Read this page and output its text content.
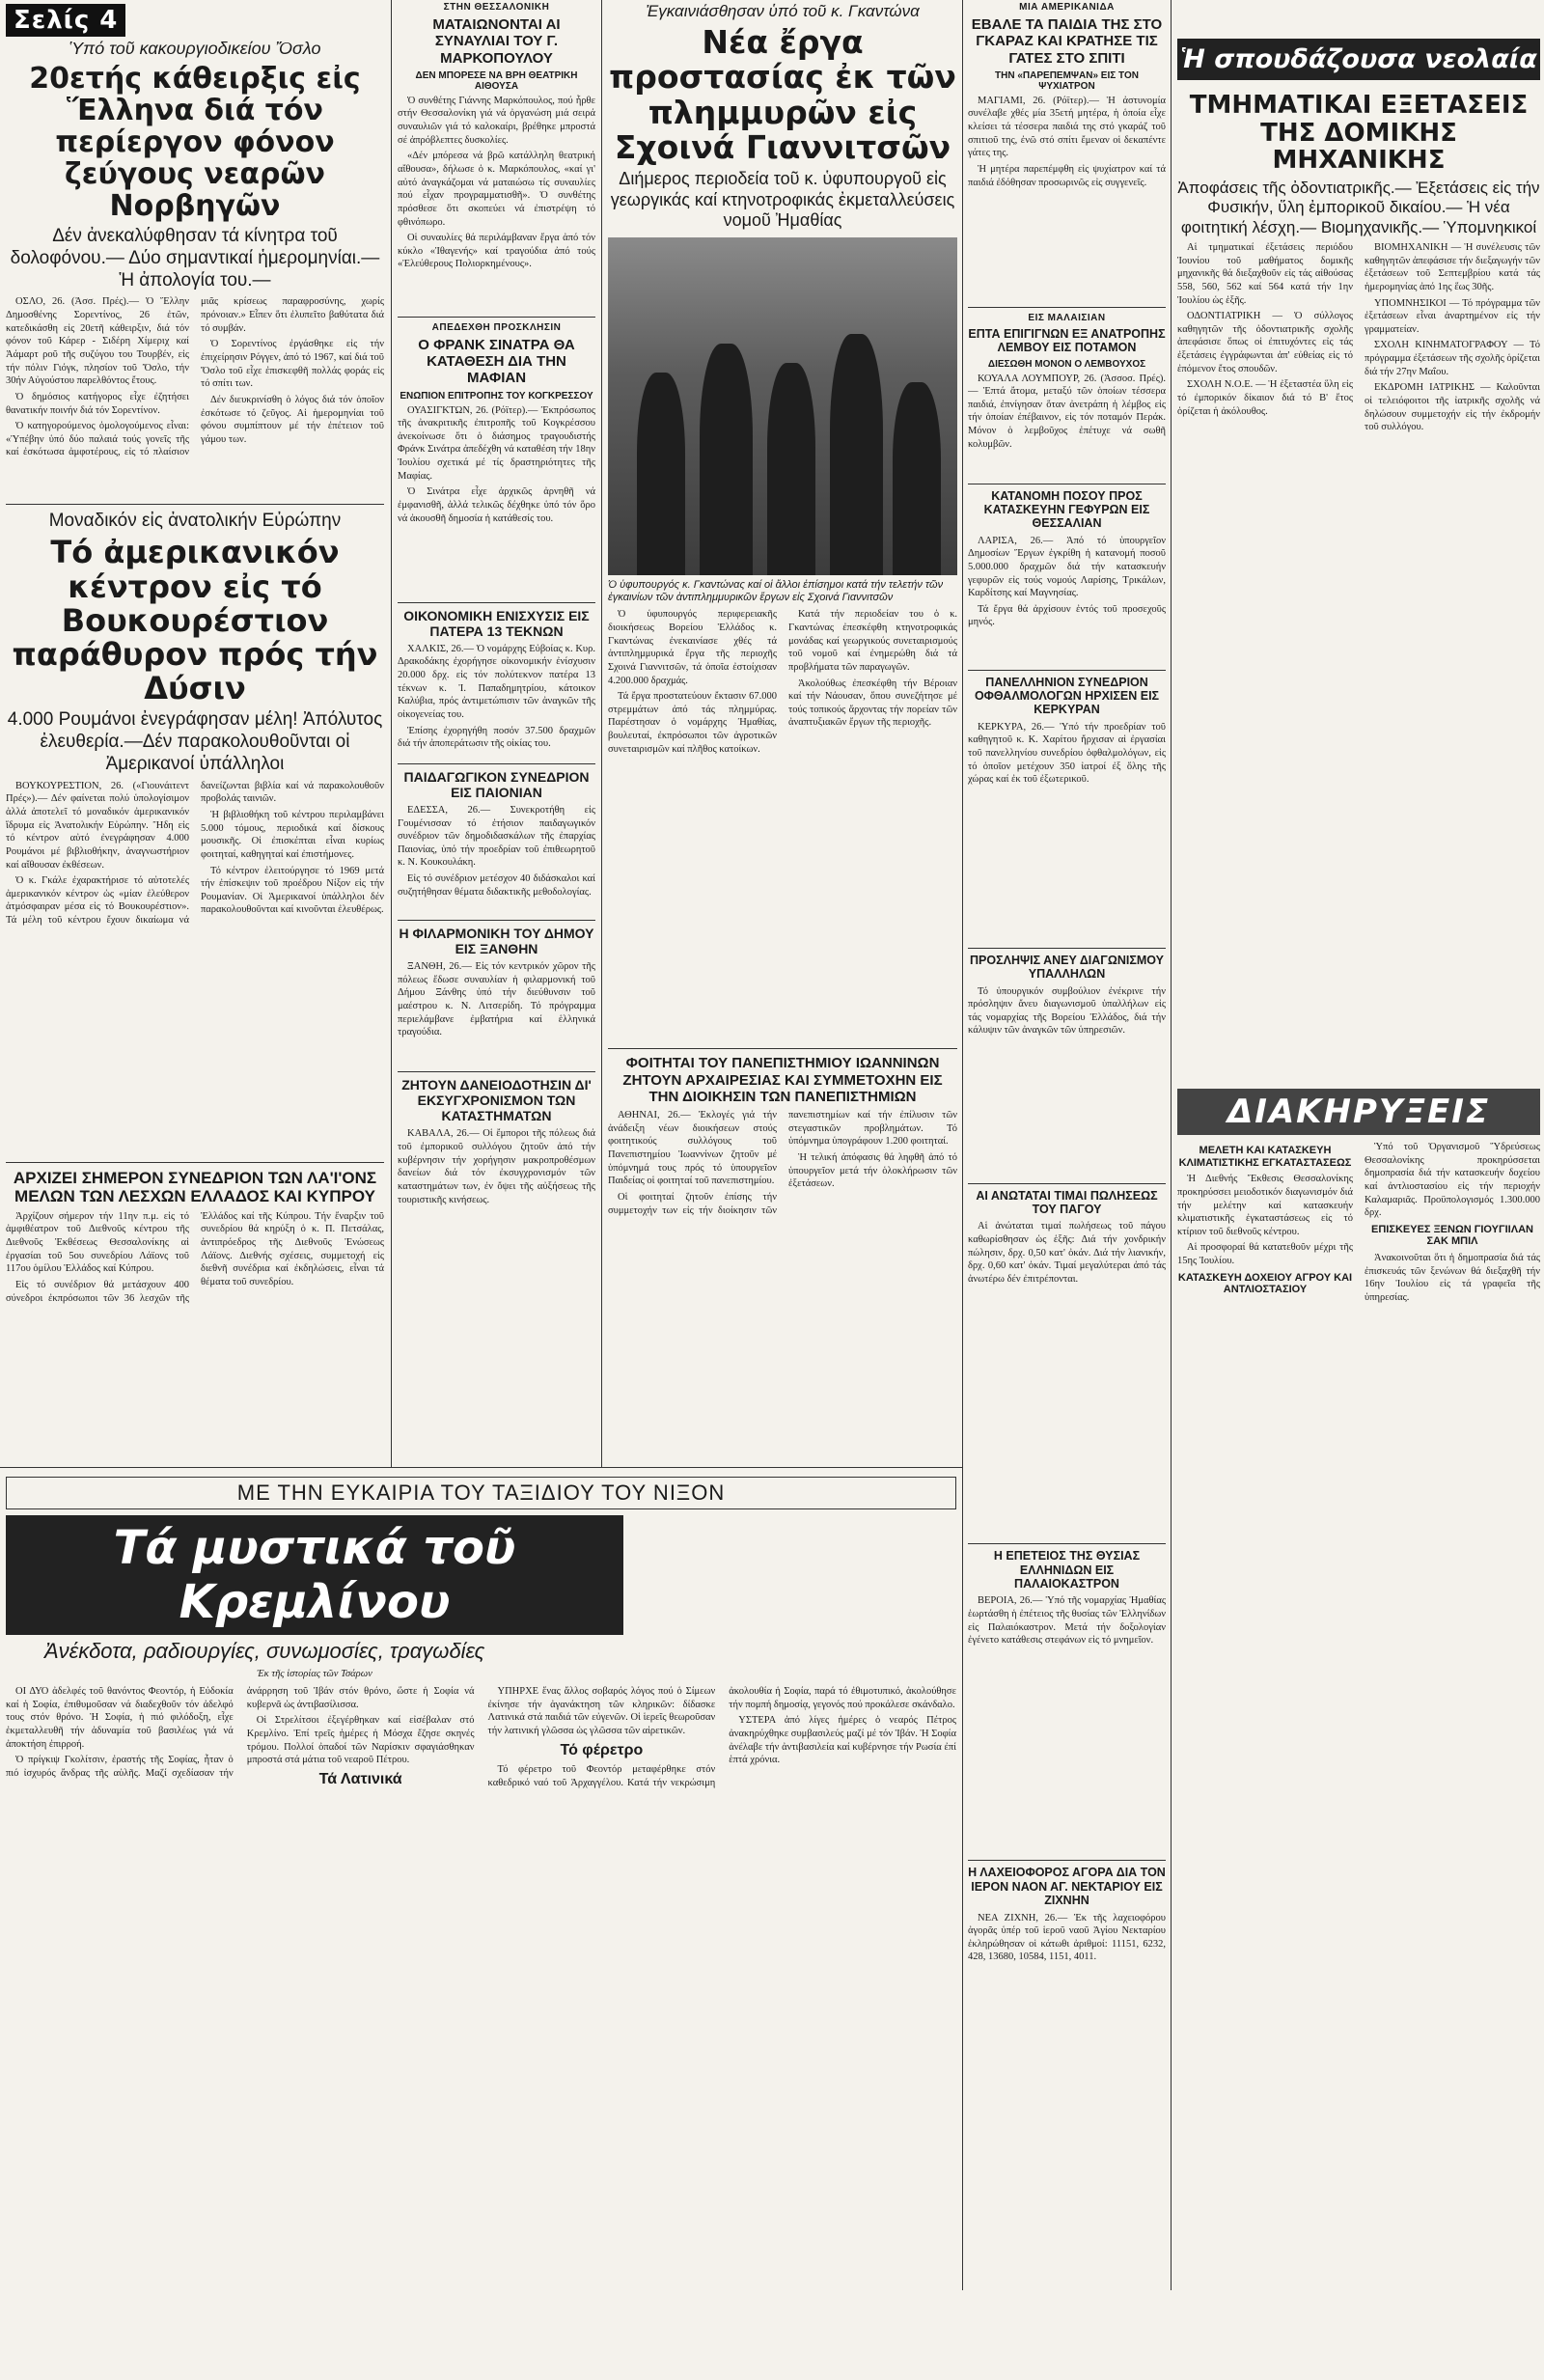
Σελίς 4
Ὑπό τοῦ κακουργιοδικείου Ὄσλο
20ετής κάθειρξις εἰς Ἕλληνα διά τόν περίεργον φόνον ζεύγους νεαρῶν Νορβηγῶν
Δέν ἀνεκαλύφθησαν τά κίνητρα τοῦ δολοφόνου.— Δύο σημαντικαί ἡμερομηνίαι.— Ἡ ἀπολογία του.—

ΟΣΛΟ, 26. (Ἀσσ. Πρές).— Ὁ Ἕλλην Δημοσθένης Σορεντίνος, 26 ἐτῶν, κατεδικάσθη εἰς 20ετῆ κάθειρξιν, διά τόν φόνον τοῦ Κάρερ - Σιδέρη Χίμεριχ καί Ἀάμαρτ ροῦ τῆς συζύγου του Τουρβέν, εἰς τήν πόλιν Γιόγκ, πλησίον τοῦ Ὄσλο, τήν 30ήν Αὐγούστου παρελθόντος ἔτους.

Ὁ δημόσιος κατήγορος εἶχε ἐζητήσει θανατικήν ποινήν διά τόν Σορεντίνον.

Ὁ κατηγορούμενος ὁμολογούμενος εἶναι: «Ὑπέβην ὑπό δύο παλαιά τούς γονεῖς τῆς καί ἐσκότωσα ἀμφοτέρους, εἰς τό πλαίσιον μιᾶς κρίσεως παραφροσύνης, χωρίς πρόνοιαν.» Εἶπεν ὅτι ἐλυπεῖτο βαθύτατα διά τό συμβάν.

Ὁ Σορεντίνος ἐργάσθηκε εἰς τήν ἐπιχείρησιν Ρόγγεν, ἀπό τό 1967, καί διά τοῦ Ὄσλο τοῦ εἶχε ἐπισκεφθῆ πολλάς φοράς εἰς τό σπίτι των.

Δέν διευκρινίσθη ὁ λόγος διά τόν ὁποῖον ἐσκότωσε τό ζεῦγος. Αἱ ἡμερομηνίαι τοῦ φόνου συμπίπτουν μέ τήν ἐπέτειον τοῦ γάμου των.

Μοναδικόν εἰς ἀνατολικήν Εὐρώπην
Τό ἀμερικανικόν κέντρον εἰς τό Βουκουρέστιον παράθυρον πρός τήν Δύσιν
4.000 Ρουμάνοι ἐνεγράφησαν μέλη! Ἀπόλυτος ἐλευθερία.—Δέν παρακολουθοῦνται οἱ Ἀμερικανοί ὑπάλληλοι

ΒΟΥΚΟΥΡΕΣΤΙΟΝ, 26. («Γιουνάιτεντ Πρές»).— Δέν φαίνεται πολύ ὑπολογίσιμον ἀλλά ἀποτελεῖ τό μοναδικόν ἀμερικανικόν ἵδρυμα εἰς Ἀνατολικήν Εὐρώπην. Ἤδη εἰς τό κέντρον αὐτό ἐνεγράφησαν 4.000 Ρουμάνοι μέ βιβλιοθήκην, ἀναγνωστήριον καί αἴθουσαν ἐκθέσεων.

Ὁ κ. Γκάλε ἐχαρακτήρισε τό αὐτοτελές ἀμερικανικόν κέντρον ὡς «μίαν ἐλεύθερον ἀτμόσφαιραν μέσα εἰς τό Βουκουρέστιον». Τά μέλη τοῦ κέντρου ἔχουν δικαίωμα νά δανείζωνται βιβλία καί νά παρακολουθοῦν προβολάς ταινιῶν.

Ἡ βιβλιοθήκη τοῦ κέντρου περιλαμβάνει 5.000 τόμους, περιοδικά καί δίσκους μουσικῆς. Οἱ ἐπισκέπται εἶναι κυρίως φοιτηταί, καθηγηταί καί ἐπιστήμονες.

Τό κέντρον ἐλειτούργησε τό 1969 μετά τήν ἐπίσκεψιν τοῦ προέδρου Νίξον εἰς τήν Ρουμανίαν. Οἱ Ἀμερικανοί ὑπάλληλοι δέν παρακολουθοῦνται καί κινοῦνται ἐλευθέρως.

ΑΡΧΙΖΕΙ ΣΗΜΕΡΟΝ ΣΥΝΕΔΡΙΟΝ ΤΩΝ ΛΑ'Ι'ΟΝΣ ΜΕΛΩΝ ΤΩΝ ΛΕΣΧΩΝ ΕΛΛΑΔΟΣ ΚΑΙ ΚΥΠΡΟΥ

Ἀρχίζουν σήμερον τήν 11ην π.μ. εἰς τό ἀμφιθέατρον τοῦ Διεθνοῦς κέντρου τῆς Διεθνοῦς Ἐκθέσεως Θεσσαλονίκης αἱ ἐργασίαι τοῦ 5ου συνεδρίου Λάϊονς τοῦ 117ου ὁμίλου Ἑλλάδος καί Κύπρου.

Εἰς τό συνέδριον θά μετάσχουν 400 σύνεδροι ἐκπρόσωποι τῶν 36 λεσχῶν τῆς Ἑλλάδος καί τῆς Κύπρου. Τήν ἔναρξιν τοῦ συνεδρίου θά κηρύξη ὁ κ. Π. Πετσάλας, ἀντιπρόεδρος τῆς Διεθνοῦς Ἑνώσεως Λάϊονς. Διεθνής σχέσεις, συμμετοχή εἰς διεθνῆ συνέδρια καί ἐκδηλώσεις, εἶναι τά θέματα τοῦ συνεδρίου.

ΣΤΗΝ ΘΕΣΣΑΛΟΝΙΚΗ
ΜΑΤΑΙΩΝΟΝΤΑΙ ΑΙ ΣΥΝΑΥΛΙΑΙ ΤΟΥ Γ. ΜΑΡΚΟΠΟΥΛΟΥ
ΔΕΝ ΜΠΟΡΕΣΕ ΝΑ ΒΡΗ ΘΕΑΤΡΙΚΗ ΑΙΘΟΥΣΑ

Ὁ συνθέτης Γιάννης Μαρκόπουλος, πού ἦρθε στήν Θεσσαλονίκη γιά νά ὀργανώση μιά σειρά συναυλιῶν γιά τό καλοκαίρι, βρέθηκε μπροστά σέ ἀπρόβλεπτες δυσκολίες.

«Δέν μπόρεσα νά βρῶ κατάλληλη θεατρική αἴθουσα», δήλωσε ὁ κ. Μαρκόπουλος, «καί γι' αὐτό ἀναγκάζομαι νά ματαιώσω τίς συναυλίες πού εἶχαν προγραμματισθῆ». Ὁ συνθέτης πρόσθεσε ὅτι σκοπεύει νά ἐπιστρέψη τό φθινόπωρο.

Οἱ συναυλίες θά περιλάμβαναν ἔργα ἀπό τόν κύκλο «Ἰθαγενής» καί τραγούδια ἀπό τούς «Ἐλεύθερους Πολιορκημένους».

ΑΠΕΔΕΧΘΗ ΠΡΟΣΚΛΗΣΙΝ
Ο ΦΡΑΝΚ ΣΙΝΑΤΡΑ ΘΑ ΚΑΤΑΘΕΣΗ ΔΙΑ ΤΗΝ ΜΑΦΙΑΝ
ΕΝΩΠΙΟΝ ΕΠΙΤΡΟΠΗΣ ΤΟΥ ΚΟΓΚΡΕΣΣΟΥ

ΟΥΑΣΙΓΚΤΩΝ, 26. (Ρόϊτερ).— Ἐκπρόσωπος τῆς ἀνακριτικῆς ἐπιτροπῆς τοῦ Κογκρέσσου ἀνεκοίνωσε ὅτι ὁ διάσημος τραγουδιστής Φράνκ Σινάτρα ἀπεδέχθη νά καταθέση τήν 18ην Ἰουλίου σχετικά μέ τίς δραστηριότητες τῆς Μαφίας.

Ὁ Σινάτρα εἶχε ἀρχικῶς ἀρνηθῆ νά ἐμφανισθῆ, ἀλλά τελικῶς δέχθηκε ὑπό τόν ὅρο νά ἀκουσθῆ δημοσία ἡ κατάθεσίς του.

ΟΙΚΟΝΟΜΙΚΗ ΕΝΙΣΧΥΣΙΣ ΕΙΣ ΠΑΤΕΡΑ 13 ΤΕΚΝΩΝ

ΧΑΛΚΙΣ, 26.— Ὁ νομάρχης Εὐβοίας κ. Κυρ. Δρακοδάκης ἐχορήγησε οἰκονομικήν ἐνίσχυσιν 20.000 δρχ. εἰς τόν πολύτεκνον πατέρα 13 τέκνων κ. Ἰ. Παπαδημητρίου, κάτοικον Καλύβια, πρός ἀντιμετώπισιν τῶν ἀναγκῶν τῆς οἰκογενείας του.

Ἐπίσης ἐχορηγήθη ποσόν 37.500 δραχμῶν διά τήν ἀποπεράτωσιν τῆς οἰκίας του.

ΠΑΙΔΑΓΩΓΙΚΟΝ ΣΥΝΕΔΡΙΟΝ ΕΙΣ ΠΑΙΟΝΙΑΝ

ΕΔΕΣΣΑ, 26.— Συνεκροτήθη εἰς Γουμένισσαν τό ἐτήσιον παιδαγωγικόν συνέδριον τῶν δημοδιδασκάλων τῆς ἐπαρχίας Παιονίας, ὑπό τήν προεδρίαν τοῦ ἐπιθεωρητοῦ κ. Ν. Κουκουλάκη.

Εἰς τό συνέδριον μετέσχον 40 διδάσκαλοι καί συζητήθησαν θέματα διδακτικῆς μεθοδολογίας.

Η ΦΙΛΑΡΜΟΝΙΚΗ ΤΟΥ ΔΗΜΟΥ ΕΙΣ ΞΑΝΘΗΝ

ΞΑΝΘΗ, 26.— Εἰς τόν κεντρικόν χῶρον τῆς πόλεως ἔδωσε συναυλίαν ἡ φιλαρμονική τοῦ Δήμου Ξάνθης ὑπό τήν διεύθυνσιν τοῦ μαέστρου κ. Ν. Λιτσερίδη. Τό πρόγραμμα περιελάμβανε ἐμβατήρια καί ἑλληνικά τραγούδια.

ΖΗΤΟΥΝ ΔΑΝΕΙΟΔΟΤΗΣΙΝ ΔΙ' ΕΚΣΥΓΧΡΟΝΙΣΜΟΝ ΤΩΝ ΚΑΤΑΣΤΗΜΑΤΩΝ

ΚΑΒΑΛΑ, 26.— Οἱ ἔμποροι τῆς πόλεως διά τοῦ ἐμπορικοῦ συλλόγου ζητοῦν ἀπό τήν κυβέρνησιν τήν χορήγησιν μακροπροθέσμων δανείων διά τόν ἐκσυγχρονισμόν τῶν καταστημάτων των, ἐν ὄψει τῆς αὐξήσεως τῆς τουριστικῆς κινήσεως.

Ἐγκαινιάσθησαν ὑπό τοῦ κ. Γκαντώνα
Νέα ἔργα προστασίας ἐκ τῶν πλημμυρῶν εἰς Σχοινά Γιαννιτσῶν
Διήμερος περιοδεία τοῦ κ. ὑφυπουργοῦ εἰς γεωργικάς καί κτηνοτροφικάς ἐκμεταλλεύσεις νομοῦ Ἠμαθίας
Ὁ ὑφυπουργός κ. Γκαντώνας καί οἱ ἄλλοι ἐπίσημοι κατά τήν τελετήν τῶν ἐγκαινίων τῶν ἀντιπλημμυρικῶν ἔργων εἰς Σχοινά Γιαννιτσῶν

Ὁ ὑφυπουργός περιφερειακῆς διοικήσεως Βορείου Ἑλλάδος κ. Γκαντώνας ἐνεκαινίασε χθές τά ἀντιπλημμυρικά ἔργα τῆς περιοχῆς Σχοινά Γιαννιτσῶν, τά ὁποῖα ἐστοίχισαν 4.200.000 δραχμάς.

Τά ἔργα προστατεύουν ἔκτασιν 67.000 στρεμμάτων ἀπό τάς πλημμύρας. Παρέστησαν ὁ νομάρχης Ἠμαθίας, βουλευταί, ἐκπρόσωποι τῶν ἀγροτικῶν συνεταιρισμῶν καί πλῆθος κατοίκων.

Κατά τήν περιοδείαν του ὁ κ. Γκαντώνας ἐπεσκέφθη κτηνοτροφικάς μονάδας καί γεωργικούς συνεταιρισμούς τοῦ νομοῦ καί ἐνημερώθη διά τά προβλήματα τῶν παραγωγῶν.

Ἀκολούθως ἐπεσκέφθη τήν Βέροιαν καί τήν Νάουσαν, ὅπου συνεζήτησε μέ τούς τοπικούς ἄρχοντας τήν πορείαν τῶν ἀναπτυξιακῶν ἔργων τῆς περιοχῆς.

ΦΟΙΤΗΤΑΙ ΤΟΥ ΠΑΝΕΠΙΣΤΗΜΙΟΥ ΙΩΑΝΝΙΝΩΝ ΖΗΤΟΥΝ ΑΡΧΑΙΡΕΣΙΑΣ ΚΑΙ ΣΥΜΜΕΤΟΧΗΝ ΕΙΣ ΤΗΝ ΔΙΟΙΚΗΣΙΝ ΤΩΝ ΠΑΝΕΠΙΣΤΗΜΙΩΝ

ΑΘΗΝΑΙ, 26.— Ἐκλογές γιά τήν ἀνάδειξη νέων διοικήσεων στούς φοιτητικούς συλλόγους τοῦ Πανεπιστημίου Ἰωαννίνων ζητοῦν μέ ὑπόμνημά τους πρός τό ὑπουργεῖον Παιδείας οἱ φοιτηταί τοῦ πανεπιστημίου.

Οἱ φοιτηταί ζητοῦν ἐπίσης τήν συμμετοχήν των εἰς τήν διοίκησιν τῶν πανεπιστημίων καί τήν ἐπίλυσιν τῶν στεγαστικῶν προβλημάτων. Τό ὑπόμνημα ὑπογράφουν 1.200 φοιτηταί.

Ἡ τελική ἀπόφασις θά ληφθῆ ἀπό τό ὑπουργεῖον μετά τήν ὁλοκλήρωσιν τῶν ἐξετάσεων.

ΜΕ ΤΗΝ ΕΥΚΑΙΡΙΑ ΤΟΥ ΤΑΞΙΔΙΟΥ ΤΟΥ ΝΙΞΟΝ
Τά μυστικά τοῦ Κρεμλίνου
Ἀνέκδοτα, ραδιουργίες, συνωμοσίες, τραγωδίες
Ἐκ τῆς ἱστορίας τῶν Τσάρων

ΟΙ ΔΥΟ ἀδελφές τοῦ θανόντος Φεοντόρ, ἡ Εὐδοκία καί ἡ Σοφία, ἐπιθυμοῦσαν νά διαδεχθοῦν τόν ἀδελφό τους στόν θρόνο. Ἡ Σοφία, ἡ πιό φιλόδοξη, εἶχε ἐκμεταλλευθῆ τήν ἀδυναμία τοῦ βασιλέως γιά νά ἀποκτήση ἐπιρροή.

Ὁ πρίγκιψ Γκολίτσιν, ἐραστής τῆς Σοφίας, ἦταν ὁ πιό ἰσχυρός ἄνδρας τῆς αὐλῆς. Μαζί σχεδίασαν τήν ἀνάρρηση τοῦ Ἰβάν στόν θρόνο, ὥστε ἡ Σοφία νά κυβερνᾶ ὡς ἀντιβασίλισσα.

Οἱ Στρελίτσοι ἐξεγέρθηκαν καί εἰσέβαλαν στό Κρεμλίνο. Ἐπί τρεῖς ἡμέρες ἡ Μόσχα ἔζησε σκηνές τρόμου. Πολλοί ὀπαδοί τῶν Ναρίσκιν σφαγιάσθηκαν μπροστά στά μάτια τοῦ νεαροῦ Πέτρου.

Τά Λατινικά

ΥΠΗΡΧΕ ἕνας ἄλλος σοβαρός λόγος πού ὁ Σίμεων ἐκίνησε τήν ἀγανάκτηση τῶν κληρικῶν: δίδασκε Λατινικά στά παιδιά τῶν εὐγενῶν. Οἱ ἱερεῖς θεωροῦσαν τήν λατινική γλῶσσα ὡς γλῶσσα τῶν αἱρετικῶν.

Τό φέρετρο

Τό φέρετρο τοῦ Φεοντόρ μεταφέρθηκε στόν καθεδρικό ναό τοῦ Ἀρχαγγέλου. Κατά τήν νεκρώσιμη ἀκολουθία ἡ Σοφία, παρά τό ἐθιμοτυπικό, ἀκολούθησε τήν πομπή δημοσίᾳ, γεγονός πού προκάλεσε σκάνδαλο.

ΥΣΤΕΡΑ ἀπό λίγες ἡμέρες ὁ νεαρός Πέτρος ἀνακηρύχθηκε συμβασιλεύς μαζί μέ τόν Ἰβάν. Ἡ Σοφία ἀνέλαβε τήν ἀντιβασιλεία καί κυβέρνησε τήν Ρωσία ἐπί ἑπτά χρόνια.

ΜΙΑ ΑΜΕΡΙΚΑΝΙΔΑ
ΕΒΑΛΕ ΤΑ ΠΑΙΔΙΑ ΤΗΣ ΣΤΟ ΓΚΑΡΑΖ ΚΑΙ ΚΡΑΤΗΣΕ ΤΙΣ ΓΑΤΕΣ ΣΤΟ ΣΠΙΤΙ
ΤΗΝ «ΠΑΡΕΠΕΜΨΑΝ» ΕΙΣ ΤΟΝ ΨΥΧΙΑΤΡΟΝ

ΜΑΓΙΑΜΙ, 26. (Ρόϊτερ).— Ἡ ἀστυνομία συνέλαβε χθές μία 35ετή μητέρα, ἡ ὁποία εἶχε κλείσει τά τέσσερα παιδιά της στό γκαράζ τοῦ σπιτιοῦ της, ἐνῶ στό σπίτι ἔμεναν οἱ δεκαπέντε γάτες της.

Ἡ μητέρα παρεπέμφθη εἰς ψυχίατρον καί τά παιδιά ἐδόθησαν προσωρινῶς εἰς συγγενεῖς.

ΕΙΣ ΜΑΛΑΙΣΙΑΝ
ΕΠΤΑ ΕΠΙΓΙΓΝΩΝ ΕΞ ΑΝΑΤΡΟΠΗΣ ΛΕΜΒΟΥ ΕΙΣ ΠΟΤΑΜΟΝ
ΔΙΕΣΩΘΗ ΜΟΝΟΝ Ο ΛΕΜΒΟΥΧΟΣ

ΚΟΥΑΛΑ ΛΟΥΜΠΟΥΡ, 26. (Ἀσσοσ. Πρές).— Ἑπτά ἄτομα, μεταξύ τῶν ὁποίων τέσσερα παιδιά, ἐπνίγησαν ὅταν ἀνετράπη ἡ λέμβος εἰς τήν ὁποίαν ἐπέβαινον, εἰς τόν ποταμόν Περάκ. Μόνον ὁ λεμβοῦχος ἐπέτυχε νά σωθῆ κολυμβῶν.

ΚΑΤΑΝΟΜΗ ΠΟΣΟΥ ΠΡΟΣ ΚΑΤΑΣΚΕΥΗΝ ΓΕΦΥΡΩΝ ΕΙΣ ΘΕΣΣΑΛΙΑΝ

ΛΑΡΙΣΑ, 26.— Ἀπό τό ὑπουργεῖον Δημοσίων Ἔργων ἐγκρίθη ἡ κατανομή ποσοῦ 5.000.000 δραχμῶν διά τήν κατασκευήν γεφυρῶν εἰς τούς νομούς Λαρίσης, Τρικάλων, Καρδίτσης καί Μαγνησίας.

Τά ἔργα θά ἀρχίσουν ἐντός τοῦ προσεχοῦς μηνός.

ΠΑΝΕΛΛΗΝΙΟΝ ΣΥΝΕΔΡΙΟΝ ΟΦΘΑΛΜΟΛΟΓΩΝ ΗΡΧΙΣΕΝ ΕΙΣ ΚΕΡΚΥΡΑΝ

ΚΕΡΚΥΡΑ, 26.— Ὑπό τήν προεδρίαν τοῦ καθηγητοῦ κ. Κ. Χαρίτου ἤρχισαν αἱ ἐργασίαι τοῦ πανελληνίου συνεδρίου ὀφθαλμολόγων, εἰς τό ὁποῖον μετέχουν 350 ἰατροί ἐξ ὅλης τῆς χώρας καί ἐκ τοῦ ἐξωτερικοῦ.

ΠΡΟΣΛΗΨΙΣ ΑΝΕΥ ΔΙΑΓΩΝΙΣΜΟΥ ΥΠΑΛΛΗΛΩΝ

Τό ὑπουργικόν συμβούλιον ἐνέκρινε τήν πρόσληψιν ἄνευ διαγωνισμοῦ ὑπαλλήλων εἰς τάς νομαρχίας τῆς Βορείου Ἑλλάδος, διά τήν κάλυψιν τῶν ἀναγκῶν τῶν ὑπηρεσιῶν.

ΑΙ ΑΝΩΤΑΤΑΙ ΤΙΜΑΙ ΠΩΛΗΣΕΩΣ ΤΟΥ ΠΑΓΟΥ

Αἱ ἀνώταται τιμαί πωλήσεως τοῦ πάγου καθωρίσθησαν ὡς ἑξῆς: Διά τήν χονδρικήν πώλησιν, δρχ. 0,50 κατ' ὀκάν. Διά τήν λιανικήν, δρχ. 0,60 κατ' ὀκάν. Τιμαί μεγαλύτεραι ἀπό τάς ἀνωτέρω δέν ἐπιτρέπονται.

Η ΕΠΕΤΕΙΟΣ ΤΗΣ ΘΥΣΙΑΣ ΕΛΛΗΝΙΔΩΝ ΕΙΣ ΠΑΛΑΙΟΚΑΣΤΡΟΝ

ΒΕΡΟΙΑ, 26.— Ὑπό τῆς νομαρχίας Ἠμαθίας ἑωρτάσθη ἡ ἐπέτειος τῆς θυσίας τῶν Ἑλληνίδων εἰς Παλαιόκαστρον. Μετά τήν δοξολογίαν ἐγένετο κατάθεσις στεφάνων εἰς τό μνημεῖον.

Η ΛΑΧΕΙΟΦΟΡΟΣ ΑΓΟΡΑ ΔΙΑ ΤΟΝ ΙΕΡΟΝ ΝΑΟΝ ΑΓ. ΝΕΚΤΑΡΙΟΥ ΕΙΣ ΖΙΧΝΗΝ

ΝΕΑ ΖΙΧΝΗ, 26.— Ἐκ τῆς λαχειοφόρου ἀγορᾶς ὑπέρ τοῦ ἱεροῦ ναοῦ Ἁγίου Νεκταρίου ἐκληρώθησαν οἱ κάτωθι ἀριθμοί: 11151, 6232, 428, 13680, 10584, 1151, 4011.

Ἡ σπουδάζουσα νεολαία
ΤΜΗΜΑΤΙΚΑΙ ΕΞΕΤΑΣΕΙΣ ΤΗΣ ΔΟΜΙΚΗΣ ΜΗΧΑΝΙΚΗΣ
Ἀποφάσεις τῆς ὀδοντιατρικῆς.— Ἐξετάσεις εἰς τήν Φυσικήν, ὕλη ἐμπορικοῦ δικαίου.— Ἡ νέα φοιτητική λέσχη.— Βιομηχανικῆς.— Ὑπομνηκικοί

Αἱ τμηματικαί ἐξετάσεις περιόδου Ἰουνίου τοῦ μαθήματος δομικῆς μηχανικῆς θά διεξαχθοῦν εἰς τάς αἰθούσας 558, 560, 562 καί 564 κατά τήν 1ην Ἰουλίου ὡς ἑξῆς.

ΟΔΟΝΤΙΑΤΡΙΚΗ — Ὁ σύλλογος καθηγητῶν τῆς ὀδοντιατρικῆς σχολῆς ἀπεφάσισε ὅπως οἱ ἐπιτυχόντες εἰς τάς ἐξετάσεις ἐγγράφωνται ἀπ' εὐθείας εἰς τό ἐπόμενον ἔτος σπουδῶν.

ΣΧΟΛΗ Ν.Ο.Ε. — Ἡ ἐξεταστέα ὕλη εἰς τό ἐμπορικόν δίκαιον διά τό Β' ἔτος ὁρίζεται ἡ ἀκόλουθος.

ΒΙΟΜΗΧΑΝΙΚΗ — Ἡ συνέλευσις τῶν καθηγητῶν ἀπεφάσισε τήν διεξαγωγήν τῶν ἐξετάσεων τοῦ Σεπτεμβρίου κατά τάς ἡμερομηνίας ἀπό 1ης ἕως 30ῆς.

ΥΠΟΜΝΗΣΙΚΟΙ — Τό πρόγραμμα τῶν ἐξετάσεων εἶναι ἀναρτημένον εἰς τήν γραμματείαν.

ΣΧΟΛΗ ΚΙΝΗΜΑΤΟΓΡΑΦΟΥ — Τό πρόγραμμα ἐξετάσεων τῆς σχολῆς ὁρίζεται διά τήν 27ην Μαΐου.

ΕΚΔΡΟΜΗ ΙΑΤΡΙΚΗΣ — Καλοῦνται οἱ τελειόφοιτοι τῆς ἰατρικῆς σχολῆς νά δηλώσουν συμμετοχήν εἰς τήν ἐκδρομήν τοῦ συλλόγου.

ΔΙΑΚΗΡΥΞΕΙΣ
ΜΕΛΕΤΗ ΚΑΙ ΚΑΤΑΣΚΕΥΗ ΚΛΙΜΑΤΙΣΤΙΚΗΣ ΕΓΚΑΤΑΣΤΑΣΕΩΣ

Ἡ Διεθνής Ἔκθεσις Θεσσαλονίκης προκηρύσσει μειοδοτικόν διαγωνισμόν διά τήν μελέτην καί κατασκευήν κλιματιστικῆς ἐγκαταστάσεως εἰς τό κτίριον τοῦ διεθνοῦς κέντρου.

Αἱ προσφοραί θά κατατεθοῦν μέχρι τῆς 15ης Ἰουλίου.

ΚΑΤΑΣΚΕΥΗ ΔΟΧΕΙΟΥ ΑΓΡΟΥ ΚΑΙ ΑΝΤΛΙΟΣΤΑΣΙΟΥ

Ὑπό τοῦ Ὀργανισμοῦ Ὕδρεύσεως Θεσσαλονίκης προκηρύσσεται δημοπρασία διά τήν κατασκευήν δοχείου καί ἀντλιοστασίου εἰς τήν περιοχήν Καλαμαριᾶς. Προϋπολογισμός 1.300.000 δρχ.

ΕΠΙΣΚΕΥΕΣ ΞΕΝΩΝ ΓΙΟΥΓΙΙΛΑΝ ΣΑΚ ΜΠΙΛ

Ἀνακοινοῦται ὅτι ἡ δημοπρασία διά τάς ἐπισκευάς τῶν ξενώνων θά διεξαχθῆ τήν 16ην Ἰουλίου εἰς τά γραφεῖα τῆς ὑπηρεσίας.
